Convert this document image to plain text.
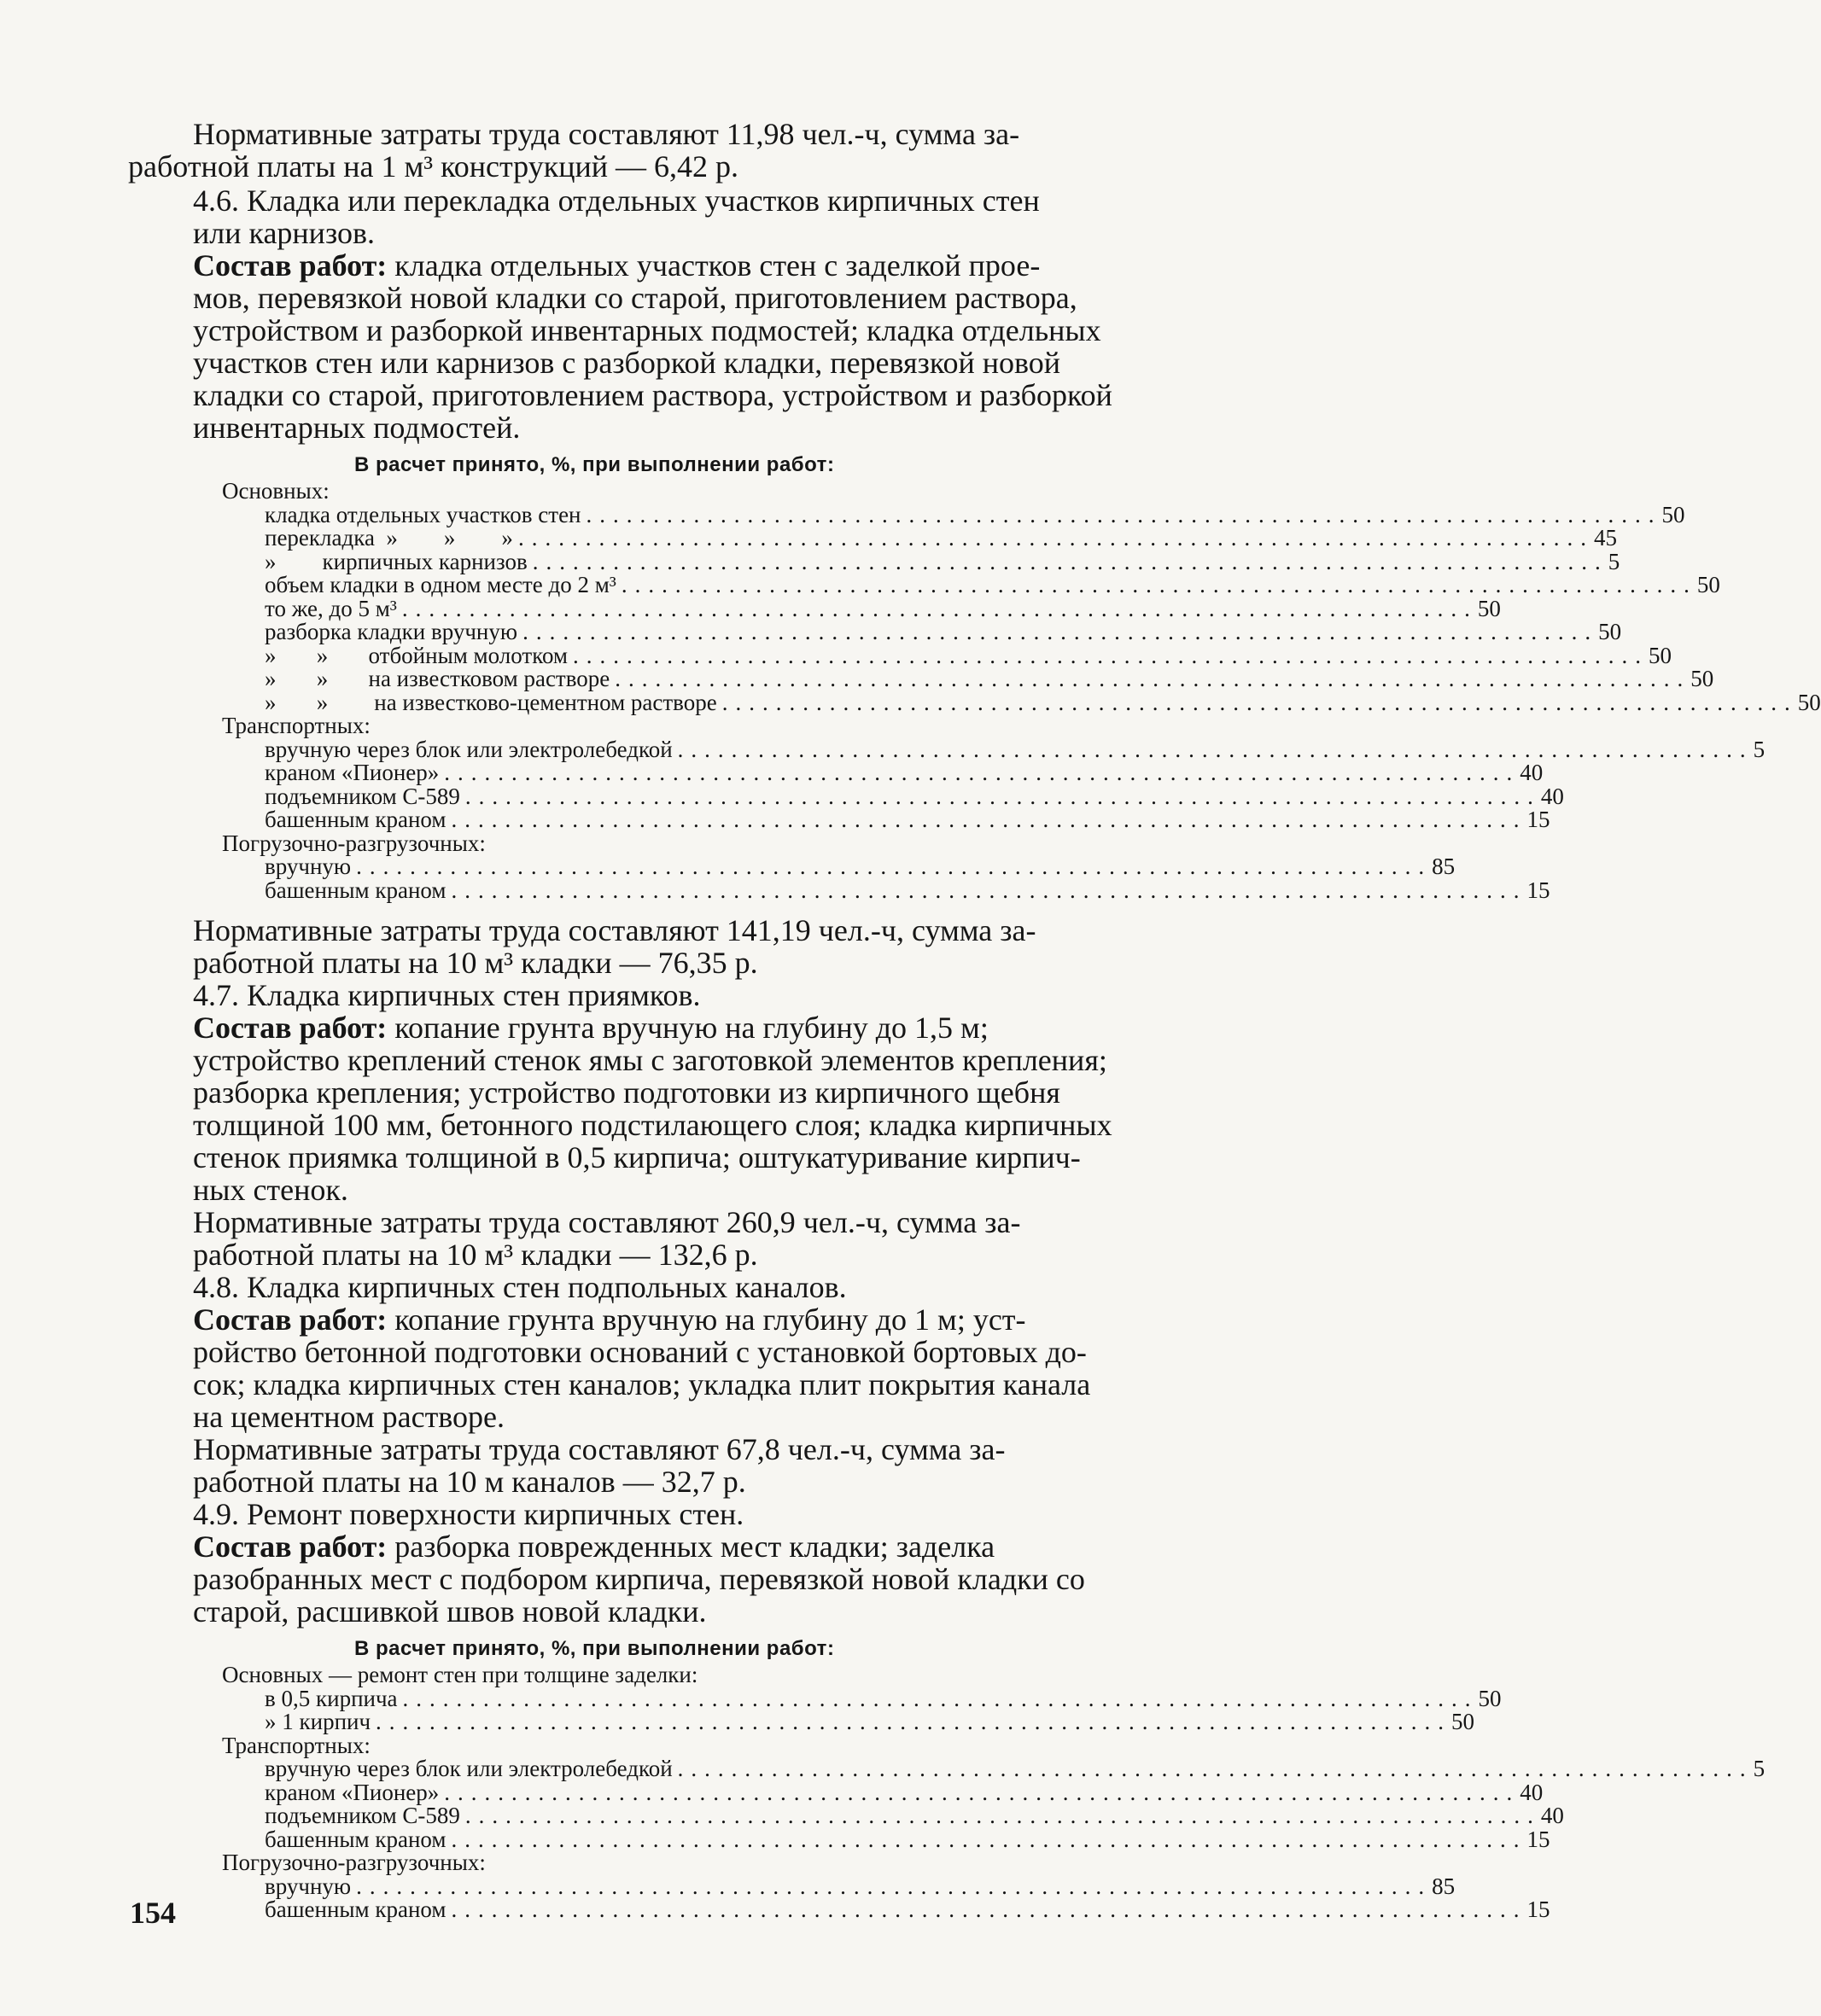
Нормативные затраты труда составляют 11,98 чел.-ч, сумма за-
работной платы на 1 м³ конструкций — 6,42 р.
4.6. Кладка или перекладка отдельных участков кирпичных стен
или карнизов.
Состав работ: кладка отдельных участков стен с заделкой прое-
мов, перевязкой новой кладки со старой, приготовлением раствора,
устройством и разборкой инвентарных подмостей; кладка отдельных
участков стен или карнизов с разборкой кладки, перевязкой новой
кладки со старой, приготовлением раствора, устройством и разборкой
инвентарных подмостей.
В расчет принято, %, при выполнении работ:
Основных:
кладка отдельных участков стен ................................................................................ 50
перекладка  »        »        » ................................................................................ 45
»        кирпичных карнизов ................................................................................ 5
объем кладки в одном месте до 2 м³ ................................................................................ 50
то же, до 5 м³ ................................................................................ 50
разборка кладки вручную ................................................................................ 50
»       »       отбойным молотком ................................................................................ 50
»       »       на известковом растворе ................................................................................ 50
»       »        на известково-цементном растворе ................................................................................ 50
Транспортных:
вручную через блок или электролебедкой ................................................................................ 5
краном «Пионер» ................................................................................ 40
подъемником С-589 ................................................................................ 40
башенным краном ................................................................................ 15
Погрузочно-разгрузочных:
вручную ................................................................................ 85
башенным краном ................................................................................ 15
Нормативные затраты труда составляют 141,19 чел.-ч, сумма за-
работной платы на 10 м³ кладки — 76,35 р.
4.7. Кладка кирпичных стен приямков.
Состав работ: копание грунта вручную на глубину до 1,5 м;
устройство креплений стенок ямы с заготовкой элементов крепления;
разборка крепления; устройство подготовки из кирпичного щебня
толщиной 100 мм, бетонного подстилающего слоя; кладка кирпичных
стенок приямка толщиной в 0,5 кирпича; оштукатуривание кирпич-
ных стенок.
Нормативные затраты труда составляют 260,9 чел.-ч, сумма за-
работной платы на 10 м³ кладки — 132,6 р.
4.8. Кладка кирпичных стен подпольных каналов.
Состав работ: копание грунта вручную на глубину до 1 м; уст-
ройство бетонной подготовки оснований с установкой бортовых до-
сок; кладка кирпичных стен каналов; укладка плит покрытия канала
на цементном растворе.
Нормативные затраты труда составляют 67,8 чел.-ч, сумма за-
работной платы на 10 м каналов — 32,7 р.
4.9. Ремонт поверхности кирпичных стен.
Состав работ: разборка поврежденных мест кладки; заделка
разобранных мест с подбором кирпича, перевязкой новой кладки со
старой, расшивкой швов новой кладки.
В расчет принято, %, при выполнении работ:
Основных — ремонт стен при толщине заделки:
в 0,5 кирпича ................................................................................ 50
» 1 кирпич ................................................................................ 50
Транспортных:
вручную через блок или электролебедкой ................................................................................ 5
краном «Пионер» ................................................................................ 40
подъемником С-589 ................................................................................ 40
башенным краном ................................................................................ 15
Погрузочно-разгрузочных:
вручную ................................................................................ 85
башенным краном ................................................................................ 15
154
